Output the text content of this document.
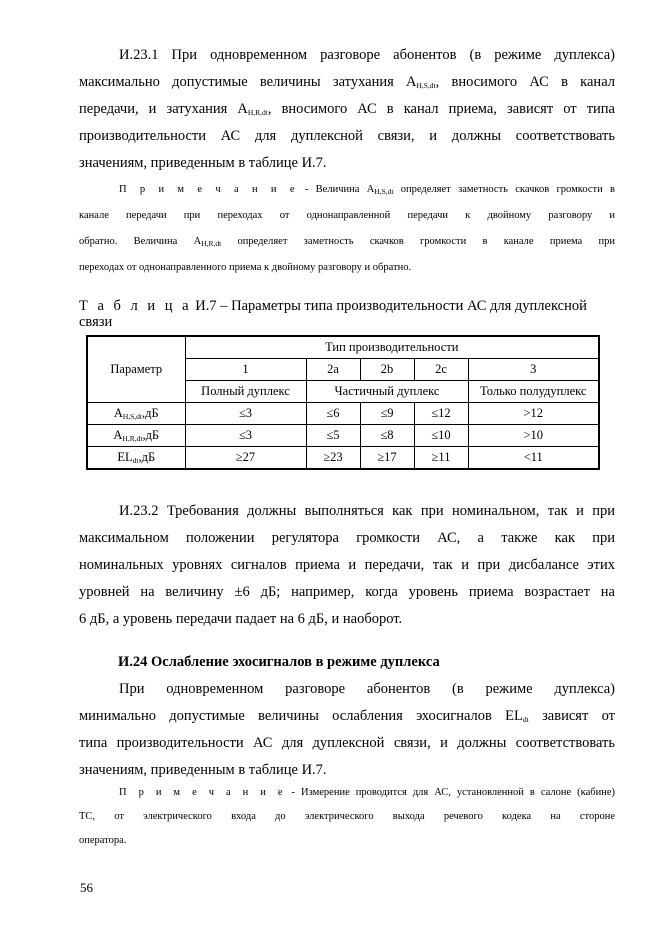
И.23.1 При одновременном разговоре абонентов (в режиме дуплекса)
максимально допустимые величины затухания $A_{H,S,dt}$, вносимого АС в канал
передачи, и затухания $A_{H,R,dt}$, вносимого АС в канал приема, зависят от типа
производительности АС для дуплексной связи, и должны соответствовать
значениям, приведенным в таблице И.7.
П р и м е ч а н и е - Величина $A_{H,S,dt}$ определяет заметность скачков громкости в
канале передачи при переходах от однонаправленной передачи к двойному разговору и
обратно. Величина $A_{H,R,dt}$ определяет заметность скачков громкости в канале приема при
переходах от однонаправленного приема к двойному разговору и обратно.
Т а б л и ц а И.7 – Параметры типа производительности АС для дуплексной связи
Параметр	Тип производительности				
	1	2a	2b	2c	3
	Полный дуплекс	Частичный дуплекс			Только полудуплекс
$A_{H,S,dt},дБ$	≤3	≤6	≤9	≤12	>12
$A_{H,R,dt},дБ$	≤3	≤5	≤8	≤10	>10
$EL_{dt},дБ$	≥27	≥23	≥17	≥11	<11
И.23.2 Требования должны выполняться как при номинальном, так и при
максимальном положении регулятора громкости АС, а также как при
номинальных уровнях сигналов приема и передачи, так и при дисбалансе этих
уровней на величину ±6 дБ; например, когда уровень приема возрастает на
6 дБ, а уровень передачи падает на 6 дБ, и наоборот.
И.24 Ослабление эхосигналов в режиме дуплекса
При одновременном разговоре абонентов (в режиме дуплекса)
минимально допустимые величины ослабления эхосигналов $EL_{dt}$ зависят от
типа производительности АС для дуплексной связи, и должны соответствовать
значениям, приведенным в таблице И.7.
П р и м е ч а н и е - Измерение проводится для АС, установленной в салоне (кабине)
ТС, от электрического входа до электрического выхода речевого кодека на стороне
оператора.
56
